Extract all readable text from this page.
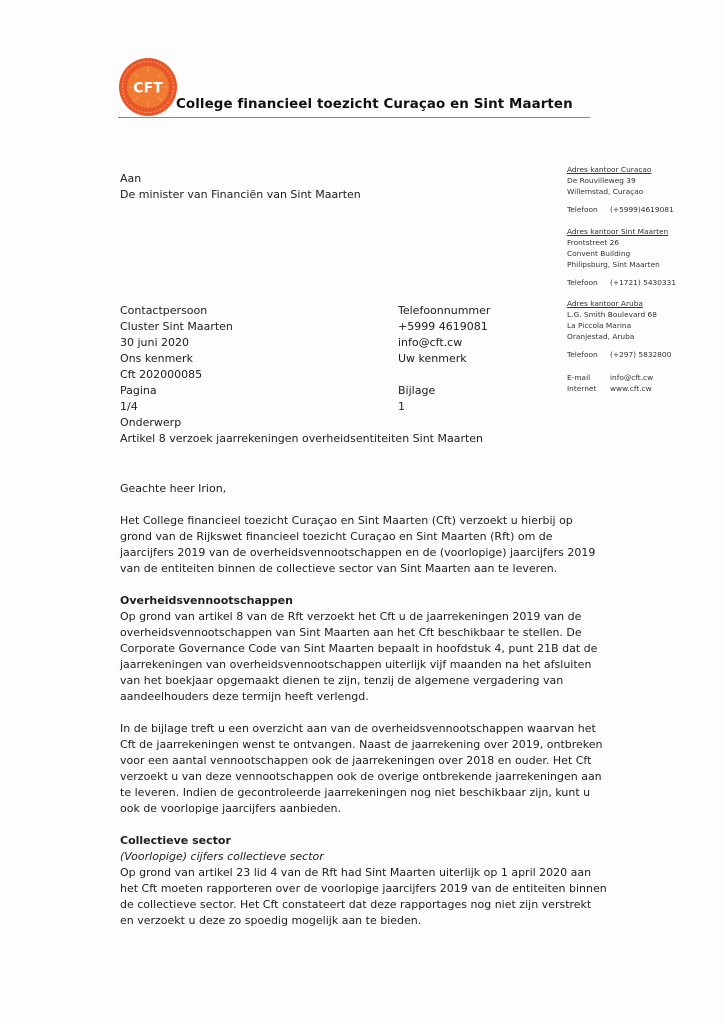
CFT
College financieel toezicht Curaçao en Sint Maarten
Adres kantoor Curaçao
De Rouvilleweg 39
Willemstad, Curaçao
Telefoon	(+5999)4619081
Adres kantoor Sint Maarten
Frontstreet 26
Convent Building
Philipsburg, Sint Maarten
Telefoon	(+1721) 5430331
Adres kantoor Aruba
L.G. Smith Boulevard 68
La Piccola Marina
Oranjestad, Aruba
Telefoon	(+297) 5832800
E-mail	info@cft.cw
Internet	www.cft.cw
Aan
De minister van Financiën van Sint Maarten
Contactpersoon	Telefoonnummer
Cluster Sint Maarten	+5999 4619081
30 juni 2020	info@cft.cw
Ons kenmerk	Uw kenmerk
Cft 202000085
Pagina	Bijlage
1/4	1
Onderwerp
Artikel 8 verzoek jaarrekeningen overheidsentiteiten Sint Maarten

Geachte heer Irion,

Het College financieel toezicht Curaçao en Sint Maarten (Cft) verzoekt u hierbij op

grond van de Rijkswet financieel toezicht Curaçao en Sint Maarten (Rft) om de

jaarcijfers 2019 van de overheidsvennootschappen en de (voorlopige) jaarcijfers 2019

van de entiteiten binnen de collectieve sector van Sint Maarten aan te leveren.

Overheidsvennootschappen

Op grond van artikel 8 van de Rft verzoekt het Cft u de jaarrekeningen 2019 van de

overheidsvennootschappen van Sint Maarten aan het Cft beschikbaar te stellen. De

Corporate Governance Code van Sint Maarten bepaalt in hoofdstuk 4, punt 21B dat de

jaarrekeningen van overheidsvennootschappen uiterlijk vijf maanden na het afsluiten

van het boekjaar opgemaakt dienen te zijn, tenzij de algemene vergadering van

aandeelhouders deze termijn heeft verlengd.

In de bijlage treft u een overzicht aan van de overheidsvennootschappen waarvan het

Cft de jaarrekeningen wenst te ontvangen. Naast de jaarrekening over 2019, ontbreken

voor een aantal vennootschappen ook de jaarrekeningen over 2018 en ouder. Het Cft

verzoekt u van deze vennootschappen ook de overige ontbrekende jaarrekeningen aan

te leveren. Indien de gecontroleerde jaarrekeningen nog niet beschikbaar zijn, kunt u

ook de voorlopige jaarcijfers aanbieden.

Collectieve sector

(Voorlopige) cijfers collectieve sector

Op grond van artikel 23 lid 4 van de Rft had Sint Maarten uiterlijk op 1 april 2020 aan

het Cft moeten rapporteren over de voorlopige jaarcijfers 2019 van de entiteiten binnen

de collectieve sector. Het Cft constateert dat deze rapportages nog niet zijn verstrekt

en verzoekt u deze zo spoedig mogelijk aan te bieden.
